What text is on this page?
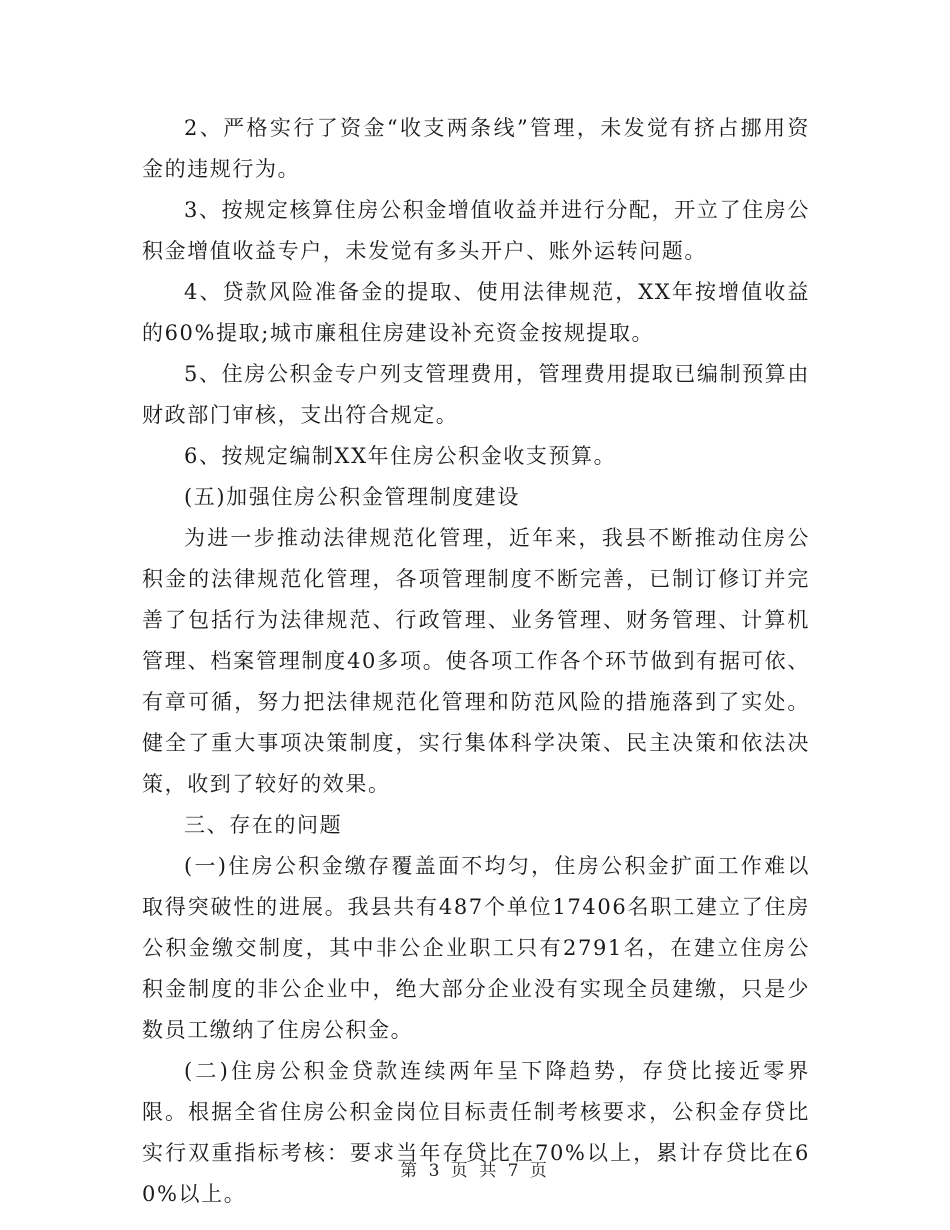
2、严格实行了资金“收支两条线”管理，未发觉有挤占挪用资金的违规行为。

3、按规定核算住房公积金增值收益并进行分配，开立了住房公积金增值收益专户，未发觉有多头开户、账外运转问题。

4、贷款风险准备金的提取、使用法律规范，XX年按增值收益的60%提取;城市廉租住房建设补充资金按规提取。

5、住房公积金专户列支管理费用，管理费用提取已编制预算由财政部门审核，支出符合规定。

6、按规定编制XX年住房公积金收支预算。

(五)加强住房公积金管理制度建设

为进一步推动法律规范化管理，近年来，我县不断推动住房公积金的法律规范化管理，各项管理制度不断完善，已制订修订并完善了包括行为法律规范、行政管理、业务管理、财务管理、计算机管理、档案管理制度40多项。使各项工作各个环节做到有据可依、有章可循，努力把法律规范化管理和防范风险的措施落到了实处。健全了重大事项决策制度，实行集体科学决策、民主决策和依法决策，收到了较好的效果。

三、存在的问题

(一)住房公积金缴存覆盖面不均匀，住房公积金扩面工作难以取得突破性的进展。我县共有487个单位17406名职工建立了住房公积金缴交制度，其中非公企业职工只有2791名，在建立住房公积金制度的非公企业中，绝大部分企业没有实现全员建缴，只是少数员工缴纳了住房公积金。

(二)住房公积金贷款连续两年呈下降趋势，存贷比接近零界限。根据全省住房公积金岗位目标责任制考核要求，公积金存贷比实行双重指标考核：要求当年存贷比在70%以上，累计存贷比在60%以上。

第 3 页 共 7 页
